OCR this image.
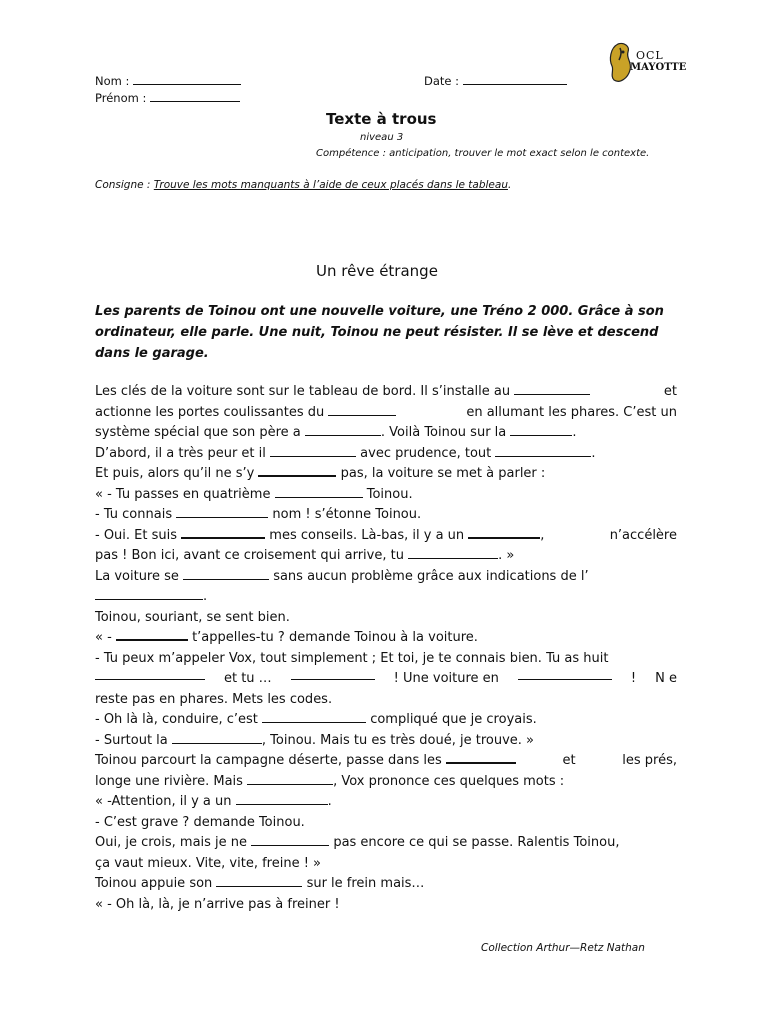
Nom :
Prénom :
Date :
OCL
MAYOTTE
Texte à trous
niveau 3
Compétence : anticipation, trouver le mot exact selon le contexte.
Consigne : Trouve les mots manquants à l’aide de ceux placés dans le tableau.
Un rêve étrange
Les parents de Toinou ont une nouvelle voiture, une Tréno 2 000. Grâce à son ordinateur, elle parle. Une nuit, Toinou ne peut résister. Il se lève et descend dans le garage.
Les clés de la voiture sont sur le tableau de bord. Il s’installe au	et
actionne les portes coulissantes du	en allumant les phares. C’est un
système spécial que son père a	. Voilà Toinou sur la	.
D’abord, il a très peur et il	avec prudence, tout	.
Et puis, alors qu’il ne s’y	pas, la voiture se met à parler :
« - Tu passes en quatrième	Toinou.
- Tu connais	nom ! s’étonne Toinou.
- Oui. Et suis	mes conseils. Là-bas, il y a un	,	n’accélère
pas ! Bon ici, avant ce croisement qui arrive, tu	. »
La voiture se	sans aucun problème grâce aux indications de l’
.
Toinou, souriant, se sent bien.
« -	t’appelles-tu ? demande Toinou à la voiture.
- Tu peux m’appeler Vox, tout simplement ; Et toi, je te connais bien. Tu as huit
et tu …	! Une voiture en	! N e
reste pas en phares. Mets les codes.
- Oh là là, conduire, c’est	compliqué que je croyais.
- Surtout la	, Toinou. Mais tu es très doué, je trouve. »
Toinou parcourt la campagne déserte, passe dans les	et	les prés,
longe une rivière. Mais	, Vox prononce ces quelques mots :
« -Attention, il y a un	.
- C’est grave ? demande Toinou.
Oui, je crois, mais je ne	pas encore ce qui se passe. Ralentis Toinou,
ça vaut mieux. Vite, vite, freine ! »
Toinou appuie son	sur le frein mais…
« - Oh là, là, je n’arrive pas à freiner !
Collection Arthur—Retz Nathan
